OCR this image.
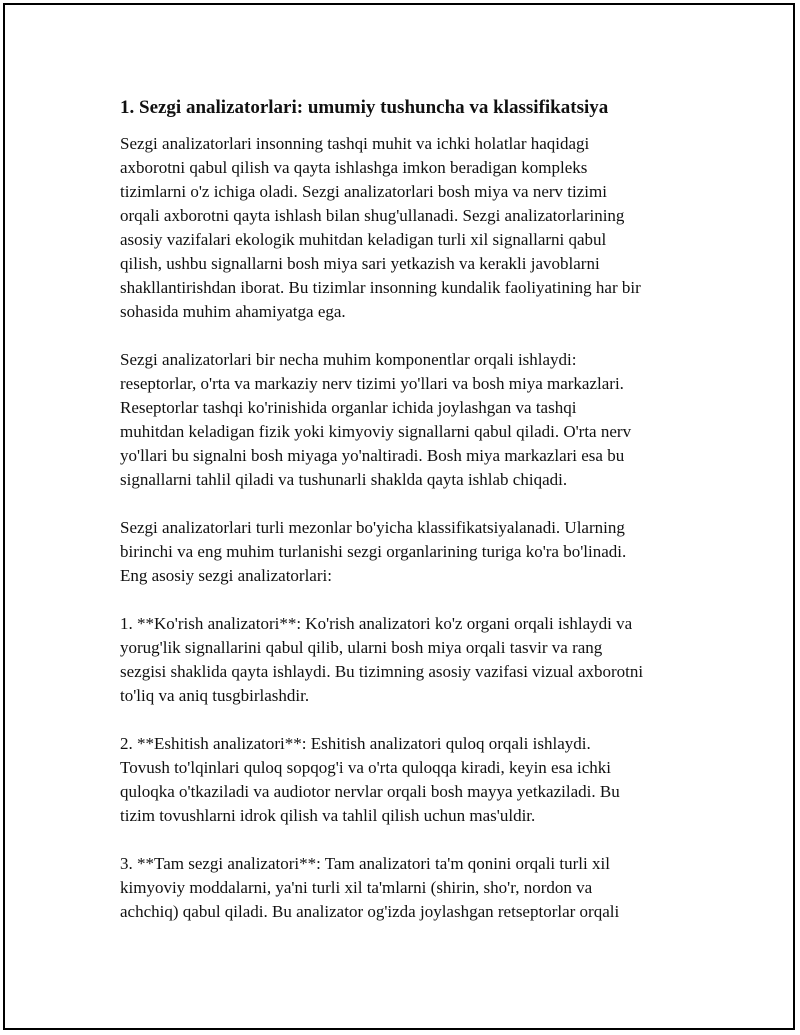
1. Sezgi analizatorlari: umumiy tushuncha va klassifikatsiya

Sezgi analizatorlari insonning tashqi muhit va ichki holatlar haqidagi
axborotni qabul qilish va qayta ishlashga imkon beradigan kompleks
tizimlarni o'z ichiga oladi. Sezgi analizatorlari bosh miya va nerv tizimi
orqali axborotni qayta ishlash bilan shug'ullanadi. Sezgi analizatorlarining
asosiy vazifalari ekologik muhitdan keladigan turli xil signallarni qabul
qilish, ushbu signallarni bosh miya sari yetkazish va kerakli javoblarni
shakllantirishdan iborat. Bu tizimlar insonning kundalik faoliyatining har bir
sohasida muhim ahamiyatga ega.

Sezgi analizatorlari bir necha muhim komponentlar orqali ishlaydi:
reseptorlar, o'rta va markaziy nerv tizimi yo'llari va bosh miya markazlari.
Reseptorlar tashqi ko'rinishida organlar ichida joylashgan va tashqi
muhitdan keladigan fizik yoki kimyoviy signallarni qabul qiladi. O'rta nerv
yo'llari bu signalni bosh miyaga yo'naltiradi. Bosh miya markazlari esa bu
signallarni tahlil qiladi va tushunarli shaklda qayta ishlab chiqadi.

Sezgi analizatorlari turli mezonlar bo'yicha klassifikatsiyalanadi. Ularning
birinchi va eng muhim turlanishi sezgi organlarining turiga ko'ra bo'linadi.
Eng asosiy sezgi analizatorlari:

1. **Ko'rish analizatori**: Ko'rish analizatori ko'z organi orqali ishlaydi va
yorug'lik signallarini qabul qilib, ularni bosh miya orqali tasvir va rang
sezgisi shaklida qayta ishlaydi. Bu tizimning asosiy vazifasi vizual axborotni
to'liq va aniq tusgbirlashdir.

2. **Eshitish analizatori**: Eshitish analizatori quloq orqali ishlaydi.
Tovush to'lqinlari quloq sopqog'i va o'rta quloqqa kiradi, keyin esa ichki
quloqka o'tkaziladi va audiotor nervlar orqali bosh mayya yetkaziladi. Bu
tizim tovushlarni idrok qilish va tahlil qilish uchun mas'uldir.

3. **Tam sezgi analizatori**: Tam analizatori ta'm qonini orqali turli xil
kimyoviy moddalarni, ya'ni turli xil ta'mlarni (shirin, sho'r, nordon va
achchiq) qabul qiladi. Bu analizator og'izda joylashgan retseptorlar orqali
